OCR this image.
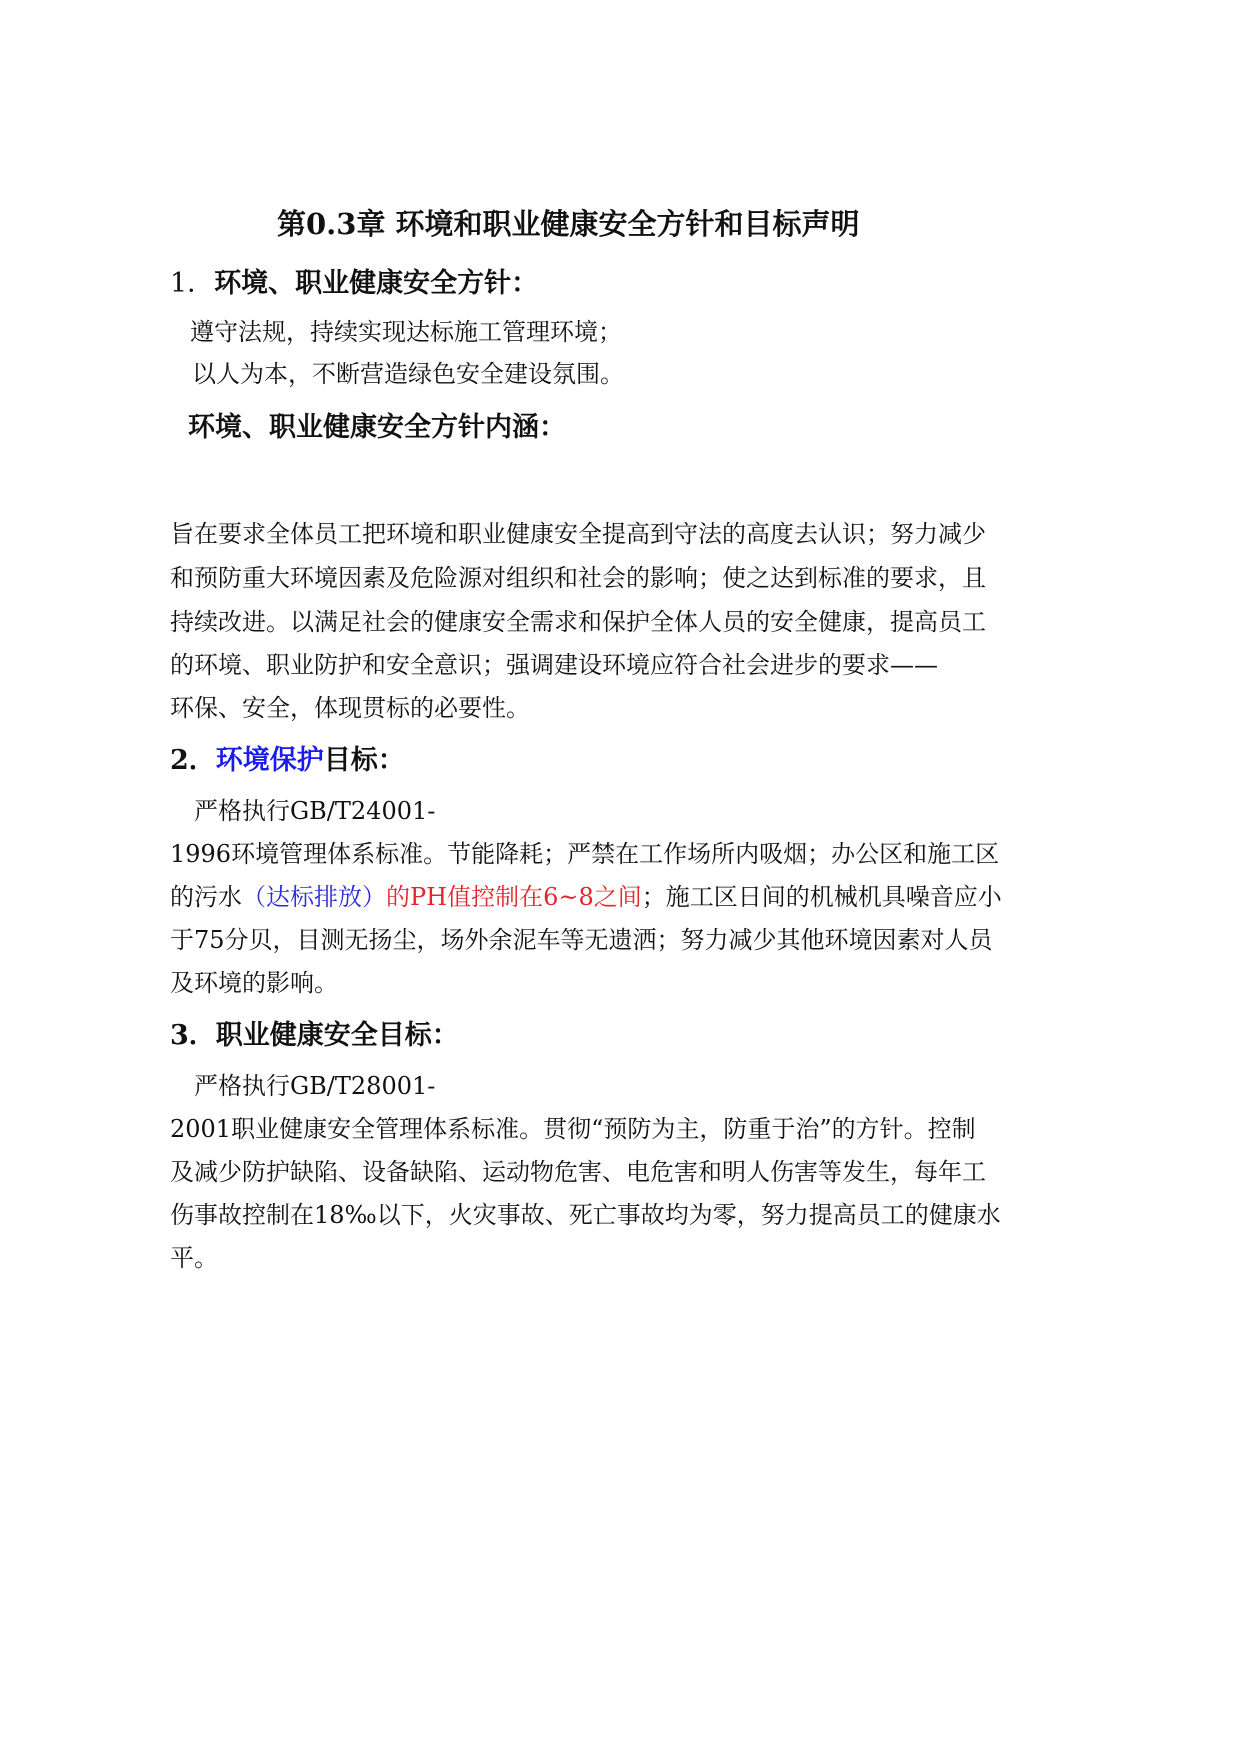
第0.3章 环境和职业健康安全方针和目标声明
1．环境、职业健康安全方针：
遵守法规，持续实现达标施工管理环境；
以人为本，不断营造绿色安全建设氛围。
环境、职业健康安全方针内涵：
旨在要求全体员工把环境和职业健康安全提高到守法的高度去认识；努力减少
和预防重大环境因素及危险源对组织和社会的影响；使之达到标准的要求，且
持续改进。以满足社会的健康安全需求和保护全体人员的安全健康，提高员工
的环境、职业防护和安全意识；强调建设环境应符合社会进步的要求——
环保、安全，体现贯标的必要性。
2．环境保护目标：
严格执行GB/T24001-
1996环境管理体系标准。节能降耗；严禁在工作场所内吸烟；办公区和施工区
的污水（达标排放）的PH值控制在6~8之间；施工区日间的机械机具噪音应小
于75分贝，目测无扬尘，场外余泥车等无遗洒；努力减少其他环境因素对人员
及环境的影响。
3．职业健康安全目标：
严格执行GB/T28001-
2001职业健康安全管理体系标准。贯彻“预防为主，防重于治”的方针。控制
及减少防护缺陷、设备缺陷、运动物危害、电危害和明人伤害等发生，每年工
伤事故控制在18‰以下，火灾事故、死亡事故均为零，努力提高员工的健康水
平。
